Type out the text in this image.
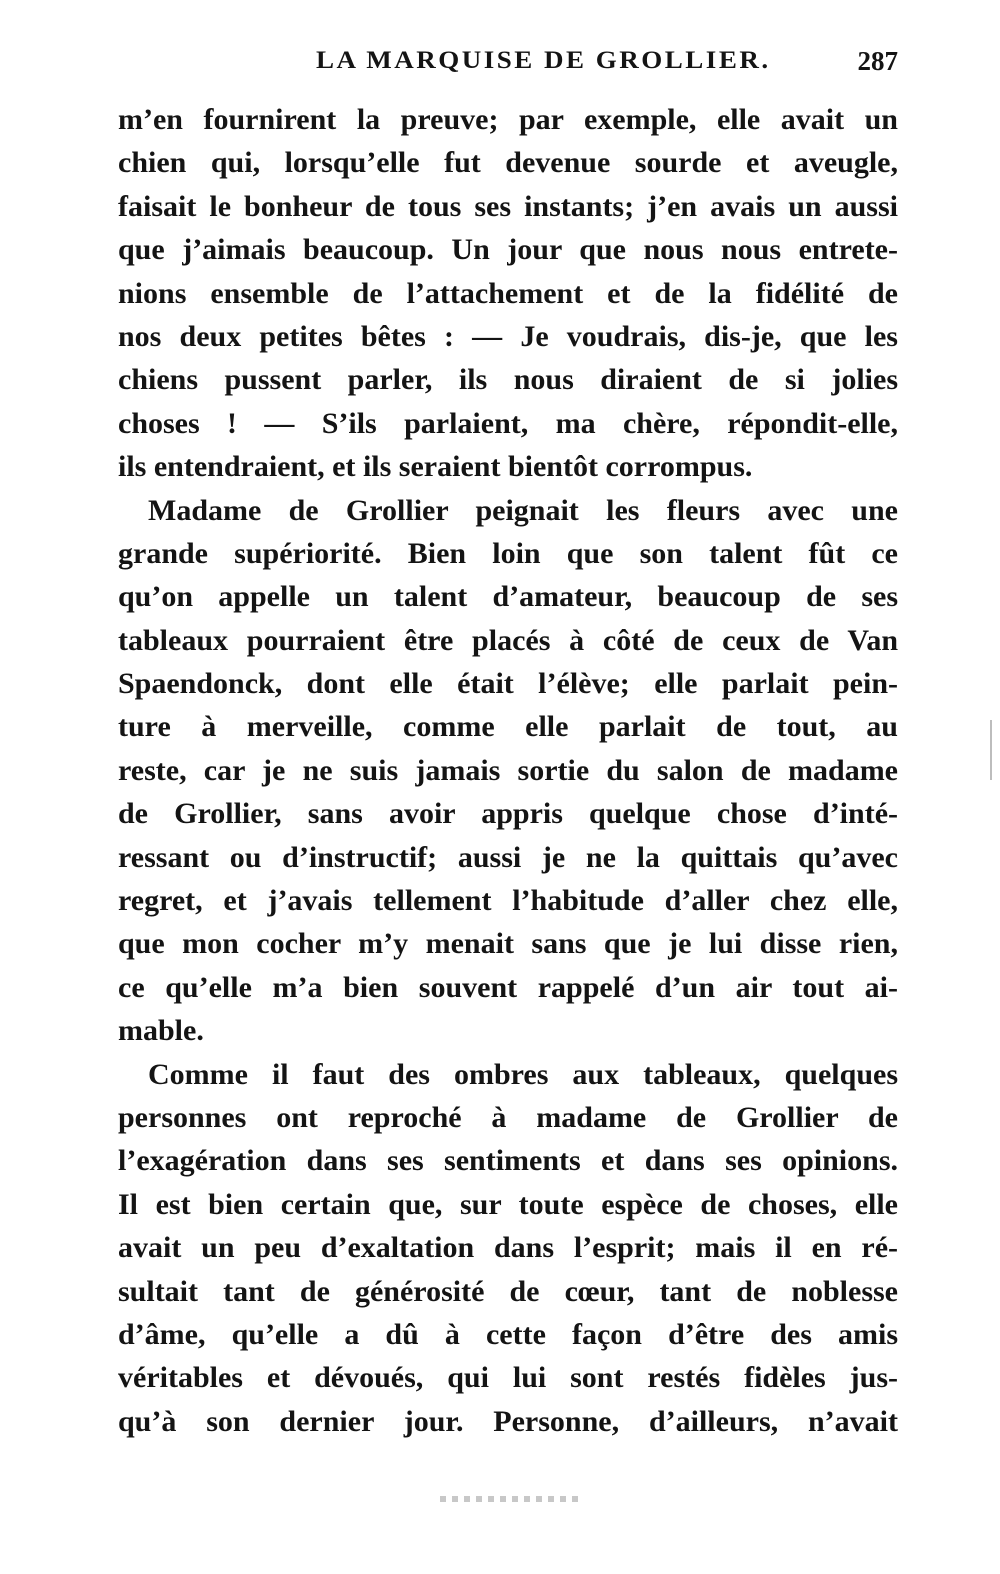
LA MARQUISE DE GROLLIER.	287
m’en fournirent la preuve; par exemple, elle avait un
chien qui, lorsqu’elle fut devenue sourde et aveugle,
faisait le bonheur de tous ses instants; j’en avais un aussi
que j’aimais beaucoup. Un jour que nous nous entrete-
nions ensemble de l’attachement et de la fidélité de
nos deux petites bêtes : — Je voudrais, dis-je, que les
chiens pussent parler, ils nous diraient de si jolies
choses ! — S’ils parlaient, ma chère, répondit-elle,
ils entendraient, et ils seraient bientôt corrompus.
Madame de Grollier peignait les fleurs avec une
grande supériorité. Bien loin que son talent fût ce
qu’on appelle un talent d’amateur, beaucoup de ses
tableaux pourraient être placés à côté de ceux de Van
Spaendonck, dont elle était l’élève; elle parlait pein-
ture à merveille, comme elle parlait de tout, au
reste, car je ne suis jamais sortie du salon de madame
de Grollier, sans avoir appris quelque chose d’inté-
ressant ou d’instructif; aussi je ne la quittais qu’avec
regret, et j’avais tellement l’habitude d’aller chez elle,
que mon cocher m’y menait sans que je lui disse rien,
ce qu’elle m’a bien souvent rappelé d’un air tout ai-
mable.
Comme il faut des ombres aux tableaux, quelques
personnes ont reproché à madame de Grollier de
l’exagération dans ses sentiments et dans ses opinions.
Il est bien certain que, sur toute espèce de choses, elle
avait un peu d’exaltation dans l’esprit; mais il en ré-
sultait tant de générosité de cœur, tant de noblesse
d’âme, qu’elle a dû à cette façon d’être des amis
véritables et dévoués, qui lui sont restés fidèles jus-
qu’à son dernier jour. Personne, d’ailleurs, n’avait
